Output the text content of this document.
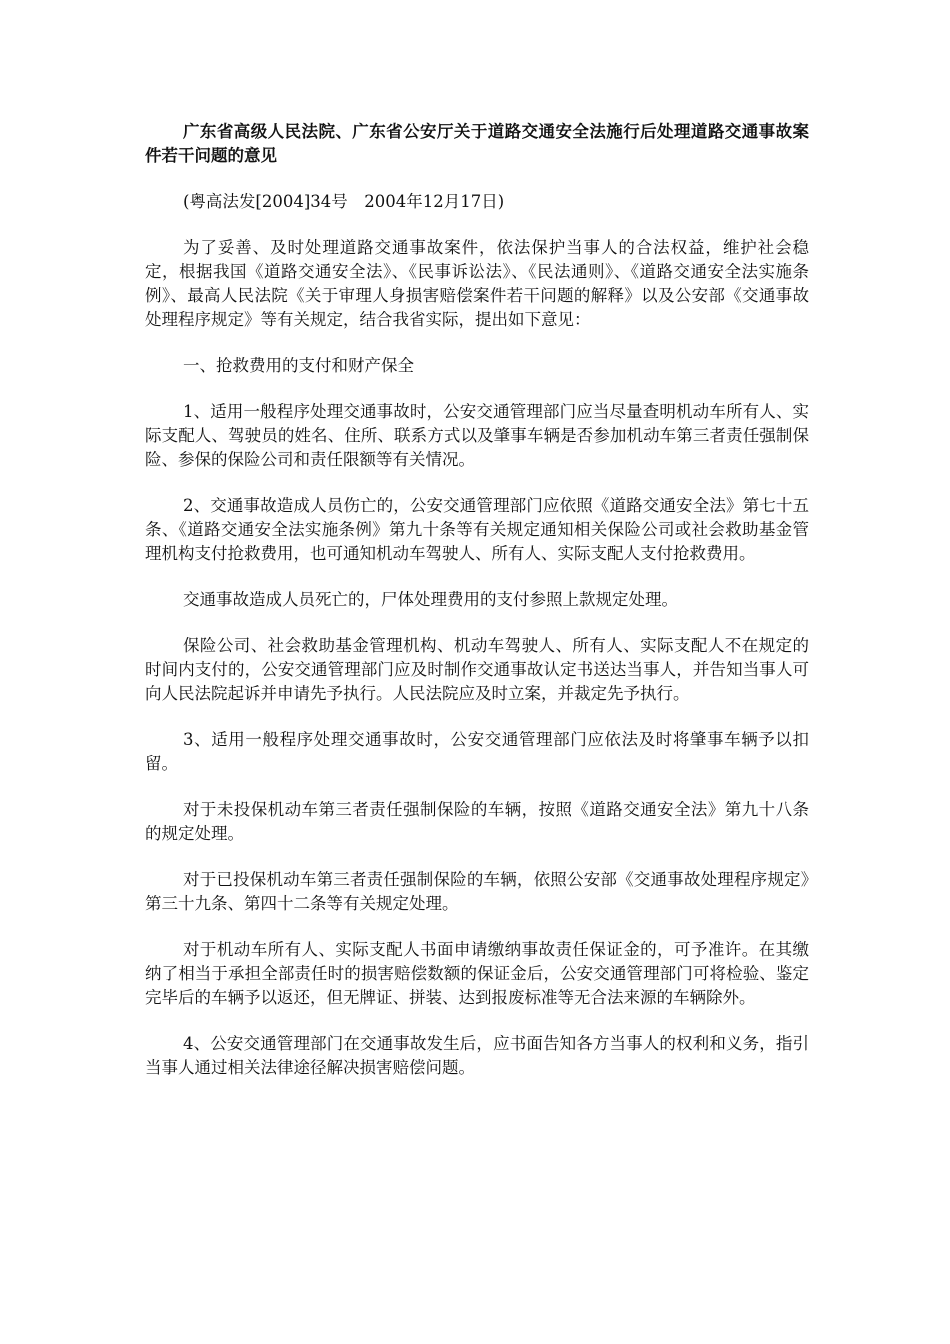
广东省高级人民法院、广东省公安厅关于道路交通安全法施行后处理道路交通事故案件若干问题的意见

(粤高法发[2004]34号　2004年12月17日)

为了妥善、及时处理道路交通事故案件，依法保护当事人的合法权益，维护社会稳定，根据我国《道路交通安全法》、《民事诉讼法》、《民法通则》、《道路交通安全法实施条例》、最高人民法院《关于审理人身损害赔偿案件若干问题的解释》以及公安部《交通事故处理程序规定》等有关规定，结合我省实际，提出如下意见：

一、抢救费用的支付和财产保全

1、适用一般程序处理交通事故时，公安交通管理部门应当尽量查明机动车所有人、实际支配人、驾驶员的姓名、住所、联系方式以及肇事车辆是否参加机动车第三者责任强制保险、参保的保险公司和责任限额等有关情况。

2、交通事故造成人员伤亡的，公安交通管理部门应依照《道路交通安全法》第七十五条、《道路交通安全法实施条例》第九十条等有关规定通知相关保险公司或社会救助基金管理机构支付抢救费用，也可通知机动车驾驶人、所有人、实际支配人支付抢救费用。

交通事故造成人员死亡的，尸体处理费用的支付参照上款规定处理。

保险公司、社会救助基金管理机构、机动车驾驶人、所有人、实际支配人不在规定的时间内支付的，公安交通管理部门应及时制作交通事故认定书送达当事人，并告知当事人可向人民法院起诉并申请先予执行。人民法院应及时立案，并裁定先予执行。

3、适用一般程序处理交通事故时，公安交通管理部门应依法及时将肇事车辆予以扣留。

对于未投保机动车第三者责任强制保险的车辆，按照《道路交通安全法》第九十八条的规定处理。

对于已投保机动车第三者责任强制保险的车辆，依照公安部《交通事故处理程序规定》第三十九条、第四十二条等有关规定处理。

对于机动车所有人、实际支配人书面申请缴纳事故责任保证金的，可予准许。在其缴纳了相当于承担全部责任时的损害赔偿数额的保证金后，公安交通管理部门可将检验、鉴定完毕后的车辆予以返还，但无牌证、拼装、达到报废标准等无合法来源的车辆除外。

4、公安交通管理部门在交通事故发生后，应书面告知各方当事人的权利和义务，指引当事人通过相关法律途径解决损害赔偿问题。
